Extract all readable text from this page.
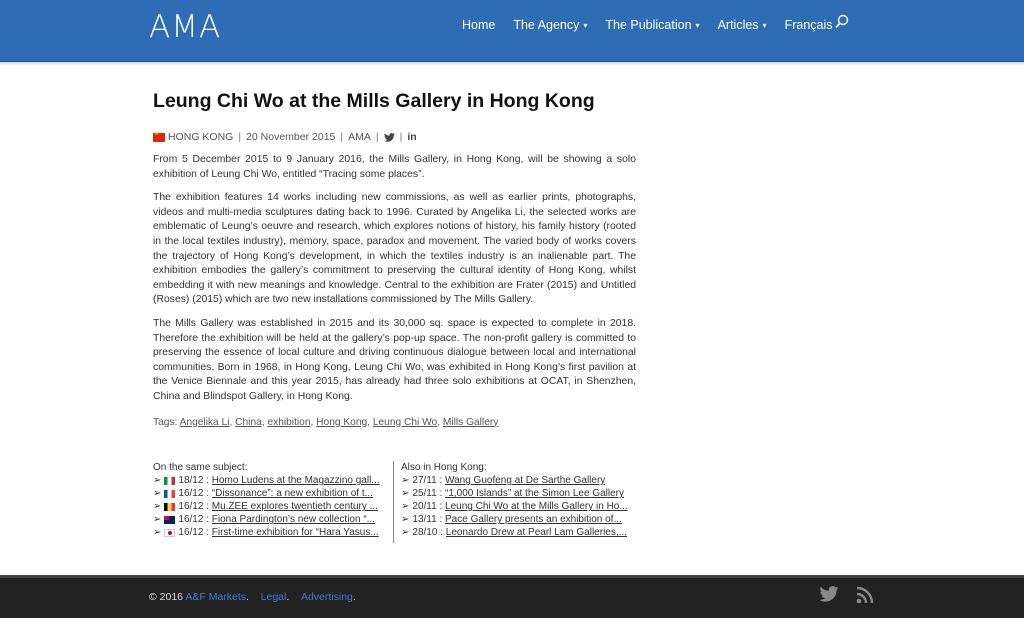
AMA	Home The Agency ▾ The Publication ▾ Articles ▾ Français
Leung Chi Wo at the Mills Gallery in Hong Kong
★
HONG KONG | 20 November 2015 | AMA | | in

From 5 December 2015 to 9 January 2016, the Mills Gallery, in Hong Kong, will be showing a solo exhibition of Leung Chi Wo, entitled “Tracing some places”.

The exhibition features 14 works including new commissions, as well as earlier prints, photographs, videos and multi-media sculptures dating back to 1996. Curated by Angelika Li, the selected works are emblematic of Leung’s oeuvre and research, which explores notions of history, his family history (rooted in the local textiles industry), memory, space, paradox and movement. The varied body of works covers the trajectory of Hong Kong’s development, in which the textiles industry is an inalienable part. The exhibition embodies the gallery’s commitment to preserving the cultural identity of Hong Kong, whilst embedding it with new meanings and knowledge. Central to the exhibition are Frater (2015) and Untitled (Roses) (2015) which are two new installations commissioned by The Mills Gallery.

The Mills Gallery was established in 2015 and its 30,000 sq. space is expected to complete in 2018. Therefore the exhibition will be held at the gallery’s pop-up space. The non-profit gallery is committed to preserving the essence of local culture and driving continuous dialogue between local and international communities. Born in 1968, in Hong Kong, Leung Chi Wo, was exhibited in Hong Kong’s first pavilion at the Venice Biennale and this year 2015, has already had three solo exhibitions at OCAT, in Shenzhen, China and Blindspot Gallery, in Hong Kong.

Tags: Angelika Li, China, exhibition, Hong Kong, Leung Chi Wo, Mills Gallery
On the same subject:
➢ 18/12 :
Homo Ludens at the Magazzino gall...
➢ 16/12 :
“Dissonance”: a new exhibition of t...
➢ 16/12 :
Mu.ZEE explores twentieth century ...
➢ 16/12 :
Fiona Pardington’s new collection “...
➢ 16/12 :
First-time exhibition for “Hara Yasus...
Also in Hong Kong:
➢ 27/11 :
Wang Guofeng at De Sarthe Gallery
➢ 25/11 :
“1,000 Islands” at the Simon Lee Gallery
➢ 20/11 :
Leung Chi Wo at the Mills Gallery in Ho...
➢ 13/11 :
Pace Gallery presents an exhibition of...
➢ 28/10 :
Leonardo Drew at Pearl Lam Galleries,...
© 2016 A&F Markets. Legal. Advertising.
